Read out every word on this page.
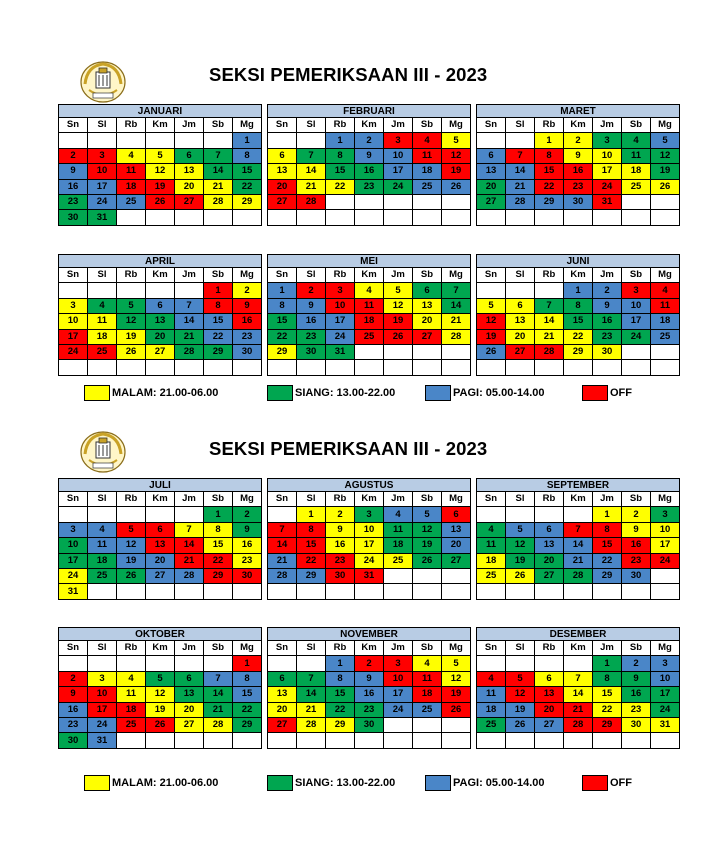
SEKSI PEMERIKSAAN III - 2023
JANUARI
Sn	Sl	Rb	Km	Jm	Sb	Mg
						1
2	3	4	5	6	7	8
9	10	11	12	13	14	15
16	17	18	19	20	21	22
23	24	25	26	27	28	29
30	31					
FEBRUARI
Sn	Sl	Rb	Km	Jm	Sb	Mg
		1	2	3	4	5
6	7	8	9	10	11	12
13	14	15	16	17	18	19
20	21	22	23	24	25	26
27	28					

MARET
Sn	Sl	Rb	Km	Jm	Sb	Mg
		1	2	3	4	5
6	7	8	9	10	11	12
13	14	15	16	17	18	19
20	21	22	23	24	25	26
27	28	29	30	31		

APRIL
Sn	Sl	Rb	Km	Jm	Sb	Mg
					1	2
3	4	5	6	7	8	9
10	11	12	13	14	15	16
17	18	19	20	21	22	23
24	25	26	27	28	29	30

MEI
Sn	Sl	Rb	Km	Jm	Sb	Mg
1	2	3	4	5	6	7
8	9	10	11	12	13	14
15	16	17	18	19	20	21
22	23	24	25	26	27	28
29	30	31				

JUNI
Sn	Sl	Rb	Km	Jm	Sb	Mg
			1	2	3	4
5	6	7	8	9	10	11
12	13	14	15	16	17	18
19	20	21	22	23	24	25
26	27	28	29	30		

MALAM: 21.00-06.00	SIANG: 13.00-22.00	PAGI: 05.00-14.00	OFF
SEKSI PEMERIKSAAN III - 2023
JULI
Sn	Sl	Rb	Km	Jm	Sb	Mg
					1	2
3	4	5	6	7	8	9
10	11	12	13	14	15	16
17	18	19	20	21	22	23
24	25	26	27	28	29	30
31						
AGUSTUS
Sn	Sl	Rb	Km	Jm	Sb	Mg
	1	2	3	4	5	6
7	8	9	10	11	12	13
14	15	16	17	18	19	20
21	22	23	24	25	26	27
28	29	30	31			

SEPTEMBER
Sn	Sl	Rb	Km	Jm	Sb	Mg
				1	2	3
4	5	6	7	8	9	10
11	12	13	14	15	16	17
18	19	20	21	22	23	24
25	26	27	28	29	30	

OKTOBER
Sn	Sl	Rb	Km	Jm	Sb	Mg
						1
2	3	4	5	6	7	8
9	10	11	12	13	14	15
16	17	18	19	20	21	22
23	24	25	26	27	28	29
30	31					
NOVEMBER
Sn	Sl	Rb	Km	Jm	Sb	Mg
		1	2	3	4	5
6	7	8	9	10	11	12
13	14	15	16	17	18	19
20	21	22	23	24	25	26
27	28	29	30			

DESEMBER
Sn	Sl	Rb	Km	Jm	Sb	Mg
				1	2	3
4	5	6	7	8	9	10
11	12	13	14	15	16	17
18	19	20	21	22	23	24
25	26	27	28	29	30	31

MALAM: 21.00-06.00	SIANG: 13.00-22.00	PAGI: 05.00-14.00	OFF
